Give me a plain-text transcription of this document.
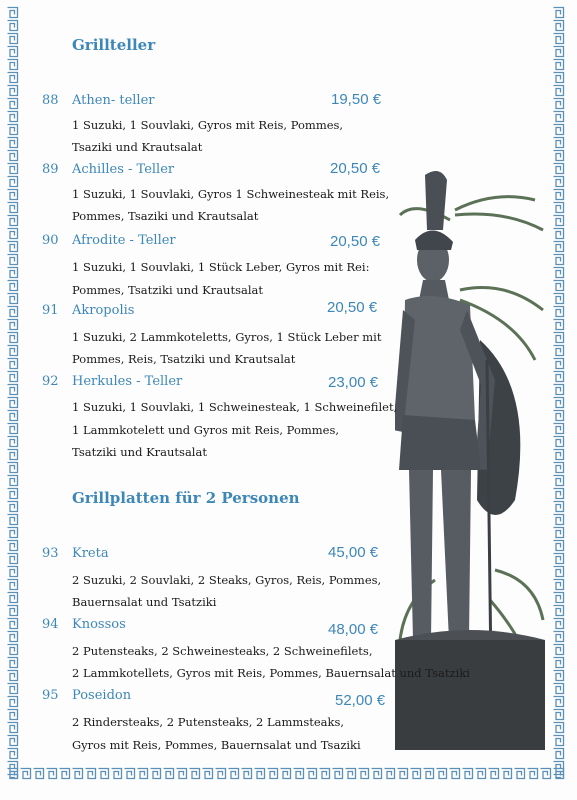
Grillteller
88 Athen- teller	19,50 €
1 Suzuki, 1 Souvlaki, Gyros mit Reis, Pommes,
Tsaziki und Krautsalat
89 Achilles - Teller	20,50 €
1 Suzuki, 1 Souvlaki, Gyros 1 Schweinesteak mit Reis,
Pommes, Tsaziki und Krautsalat
90 Afrodite - Teller	20,50 €
1 Suzuki, 1 Souvlaki, 1 Stück Leber, Gyros mit Rei:
Pommes, Tsatziki und Krautsalat
91 Akropolis	20,50 €
1 Suzuki, 2 Lammkoteletts, Gyros, 1 Stück Leber mit
Pommes, Reis, Tsatziki und Krautsalat
92 Herkules - Teller	23,00 €
1 Suzuki, 1 Souvlaki, 1 Schweinesteak, 1 Schweinefilet,
1 Lammkotelett und Gyros mit Reis, Pommes,
Tsatziki und Krautsalat
Grillplatten für 2 Personen
93 Kreta	45,00 €
2 Suzuki, 2 Souvlaki, 2 Steaks, Gyros, Reis, Pommes,
Bauernsalat und Tsatziki
94 Knossos	48,00 €
2 Putensteaks, 2 Schweinesteaks, 2 Schweinefilets,
2 Lammkotellets, Gyros mit Reis, Pommes, Bauernsalat und Tsatziki
95 Poseidon	52,00 €
2 Rindersteaks, 2 Putensteaks, 2 Lammsteaks,
Gyros mit Reis, Pommes, Bauernsalat und Tsaziki
